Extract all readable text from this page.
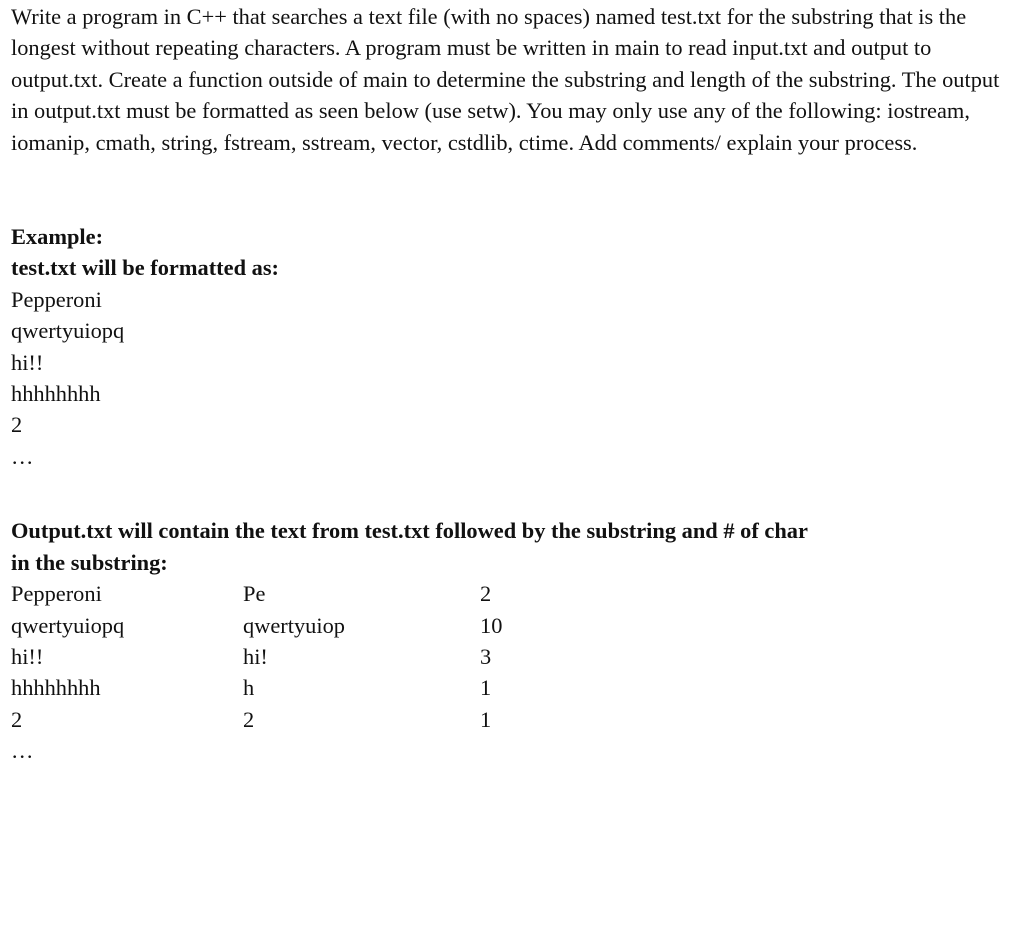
Write a program in C++ that searches a text file (with no spaces) named test.txt for the substring that is the longest without repeating characters. A program must be written in main to read input.txt and output to output.txt. Create a function outside of main to determine the substring and length of the substring. The output in output.txt must be formatted as seen below (use setw). You may only use any of the following: iostream, iomanip, cmath, string, fstream, sstream, vector, cstdlib, ctime. Add comments/ explain your process.

Example:

test.txt will be formatted as:

Pepperoni

qwertyuiopq

hi!!

hhhhhhhh

2

…

Output.txt will contain the text from test.txt followed by the substring and # of char
in the substring:

Pepperoni	Pe	2
qwertyuiopq	qwertyuiop	10
hi!!	hi!	3
hhhhhhhh	h	1
2	2	1

…
